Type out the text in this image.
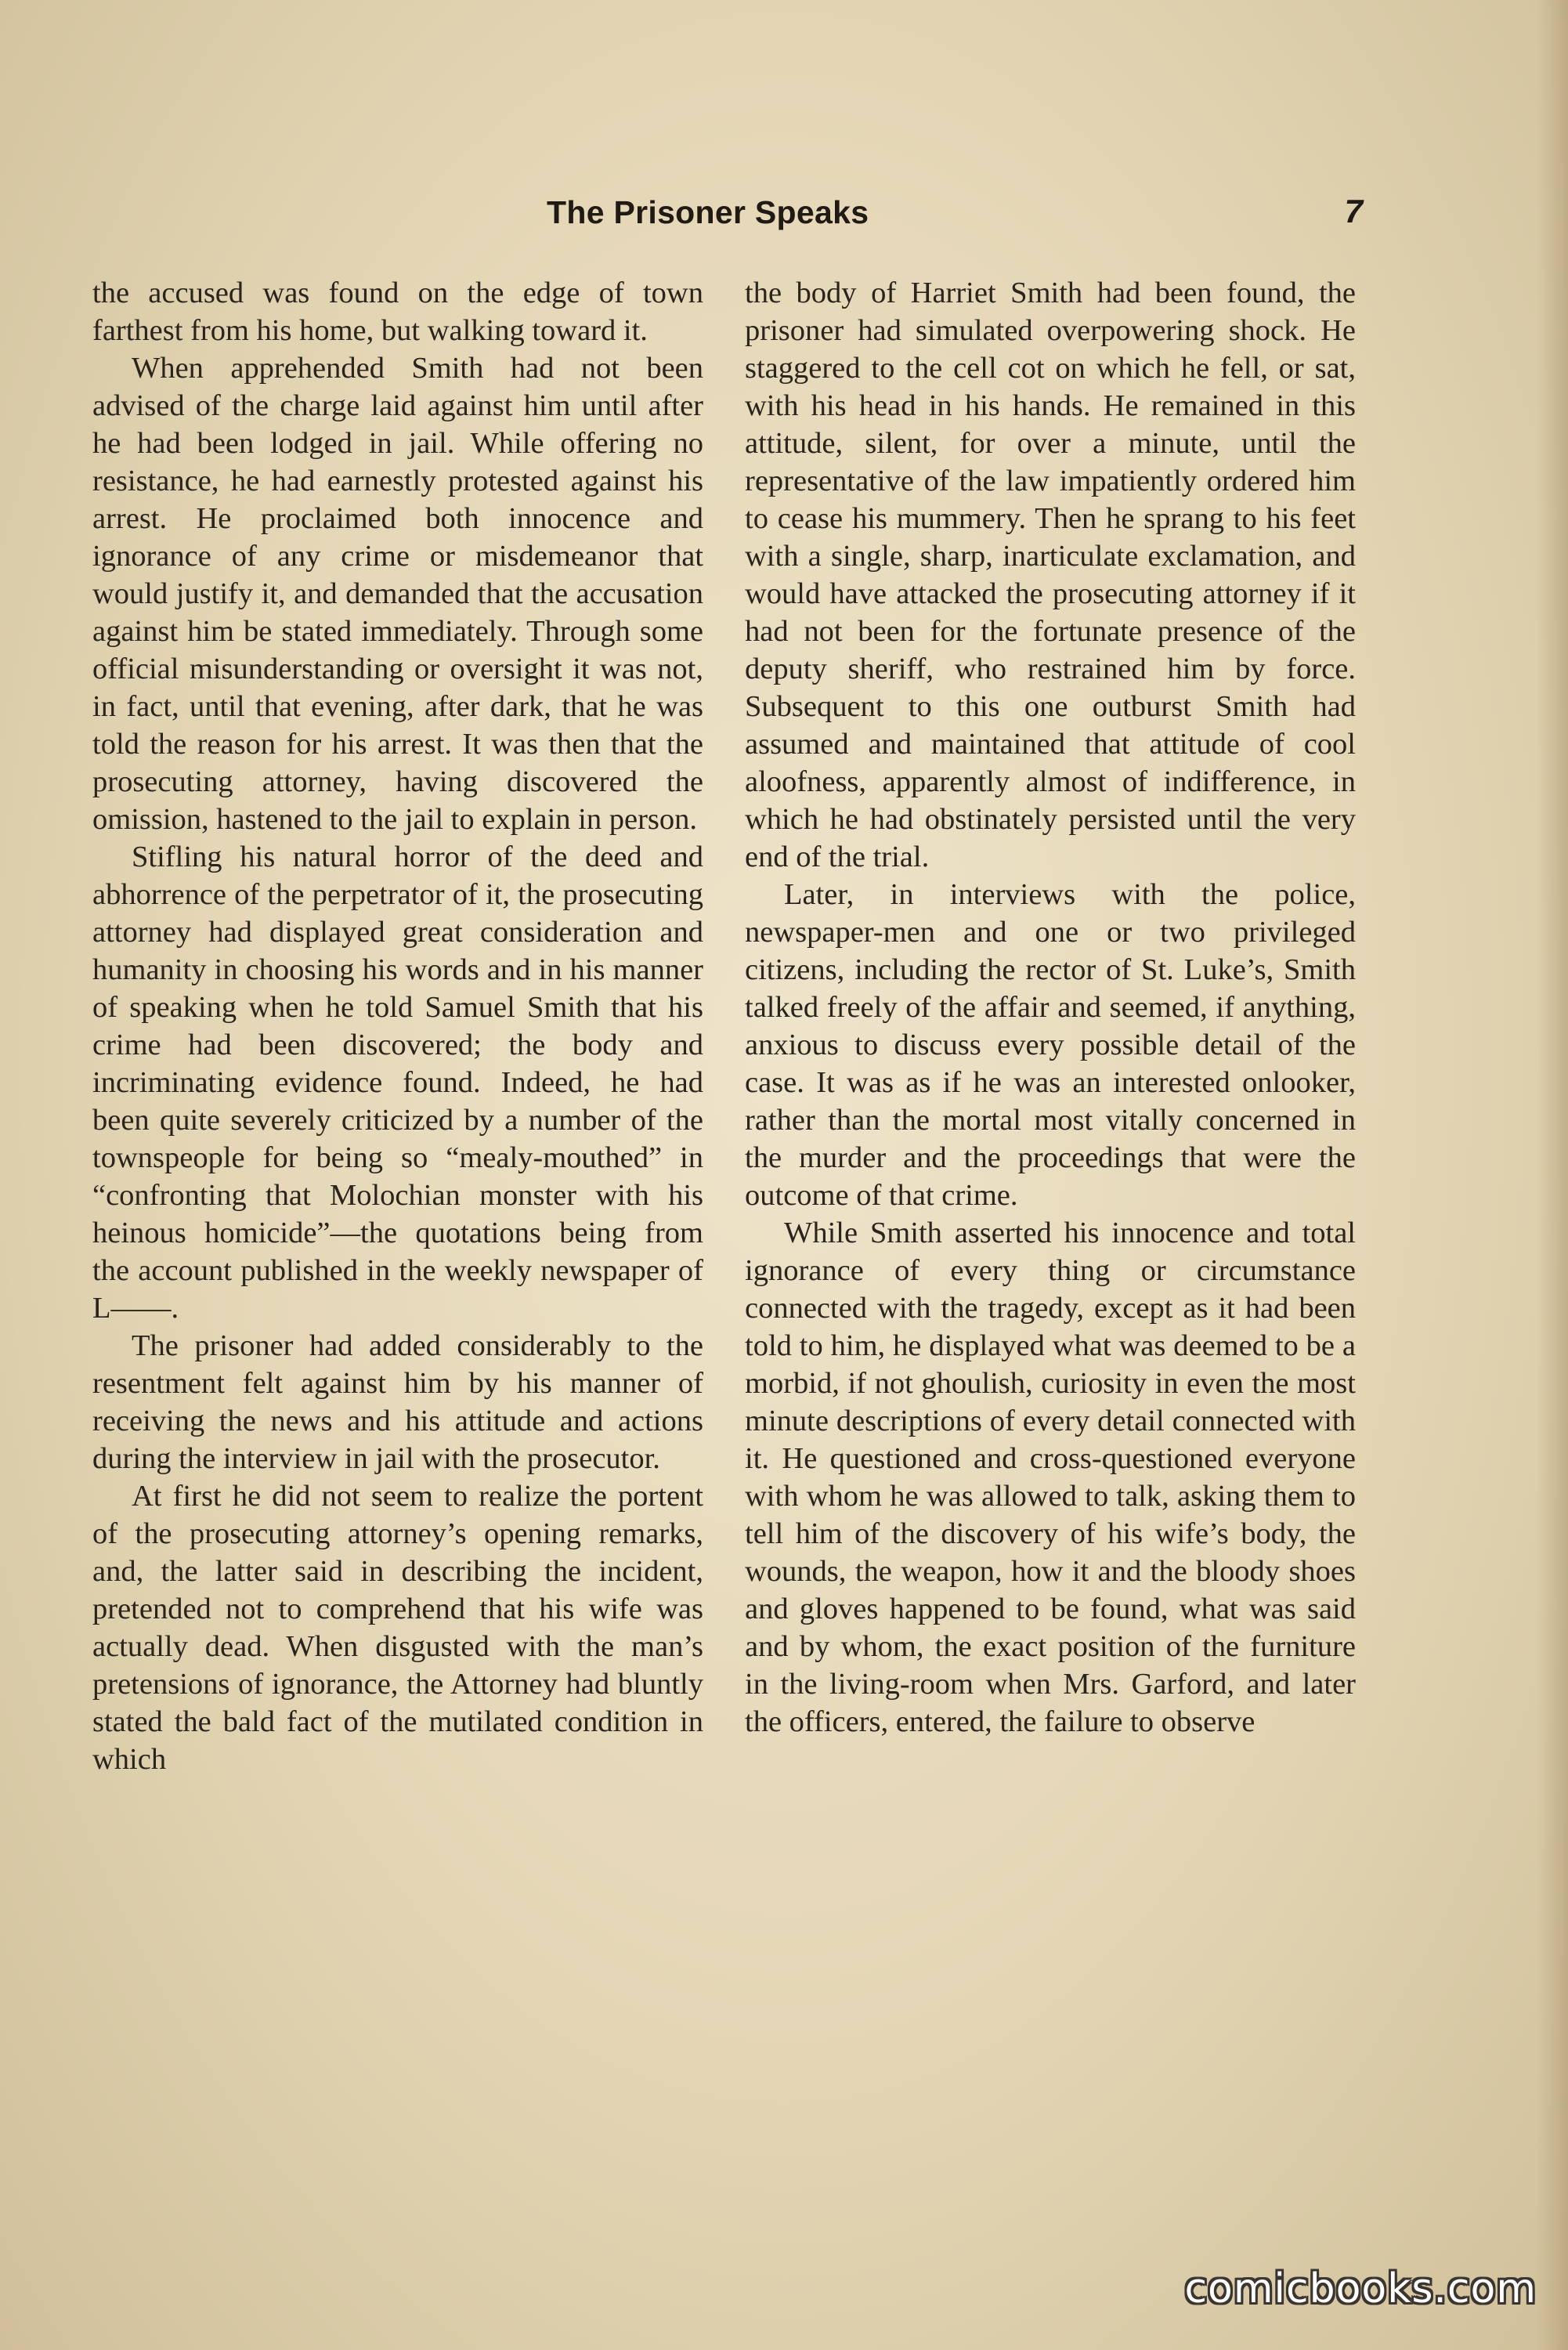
The Prisoner Speaks	7

the accused was found on the edge of town farthest from his home, but walking toward it.

When apprehended Smith had not been advised of the charge laid against him until after he had been lodged in jail. While offering no resistance, he had earnestly protested against his arrest. He proclaimed both innocence and ignorance of any crime or misdemeanor that would justify it, and demanded that the accusation against him be stated immediately. Through some official misunderstanding or oversight it was not, in fact, until that evening, after dark, that he was told the reason for his arrest. It was then that the prosecuting attorney, having discovered the omission, hastened to the jail to explain in person.

Stifling his natural horror of the deed and abhorrence of the perpetrator of it, the prosecuting attorney had displayed great consideration and humanity in choosing his words and in his manner of speaking when he told Samuel Smith that his crime had been discovered; the body and incriminating evidence found. Indeed, he had been quite severely criticized by a number of the townspeople for being so “mealy-mouthed” in “confronting that Molochian monster with his heinous homicide”—the quotations being from the account published in the weekly newspaper of L——.

The prisoner had added considerably to the resentment felt against him by his manner of receiving the news and his attitude and actions during the interview in jail with the prosecutor.

At first he did not seem to realize the portent of the prosecuting attorney’s opening remarks, and, the latter said in describing the incident, pretended not to comprehend that his wife was actually dead. When disgusted with the man’s pretensions of ignorance, the Attorney had bluntly stated the bald fact of the mutilated condition in which

the body of Harriet Smith had been found, the prisoner had simulated overpowering shock. He staggered to the cell cot on which he fell, or sat, with his head in his hands. He remained in this attitude, silent, for over a minute, until the representative of the law impatiently ordered him to cease his mummery. Then he sprang to his feet with a single, sharp, inarticulate exclamation, and would have attacked the prosecuting attorney if it had not been for the fortunate presence of the deputy sheriff, who restrained him by force. Subsequent to this one outburst Smith had assumed and maintained that attitude of cool aloofness, apparently almost of indifference, in which he had obstinately persisted until the very end of the trial.

Later, in interviews with the police, newspaper-men and one or two privileged citizens, including the rector of St. Luke’s, Smith talked freely of the affair and seemed, if anything, anxious to discuss every possible detail of the case. It was as if he was an interested onlooker, rather than the mortal most vitally concerned in the murder and the proceedings that were the outcome of that crime.

While Smith asserted his innocence and total ignorance of every thing or circumstance connected with the tragedy, except as it had been told to him, he displayed what was deemed to be a morbid, if not ghoulish, curiosity in even the most minute descriptions of every detail connected with it. He questioned and cross-questioned everyone with whom he was allowed to talk, asking them to tell him of the discovery of his wife’s body, the wounds, the weapon, how it and the bloody shoes and gloves happened to be found, what was said and by whom, the exact position of the furniture in the living-room when Mrs. Garford, and later the officers, entered, the failure to observe

comicbooks.com
